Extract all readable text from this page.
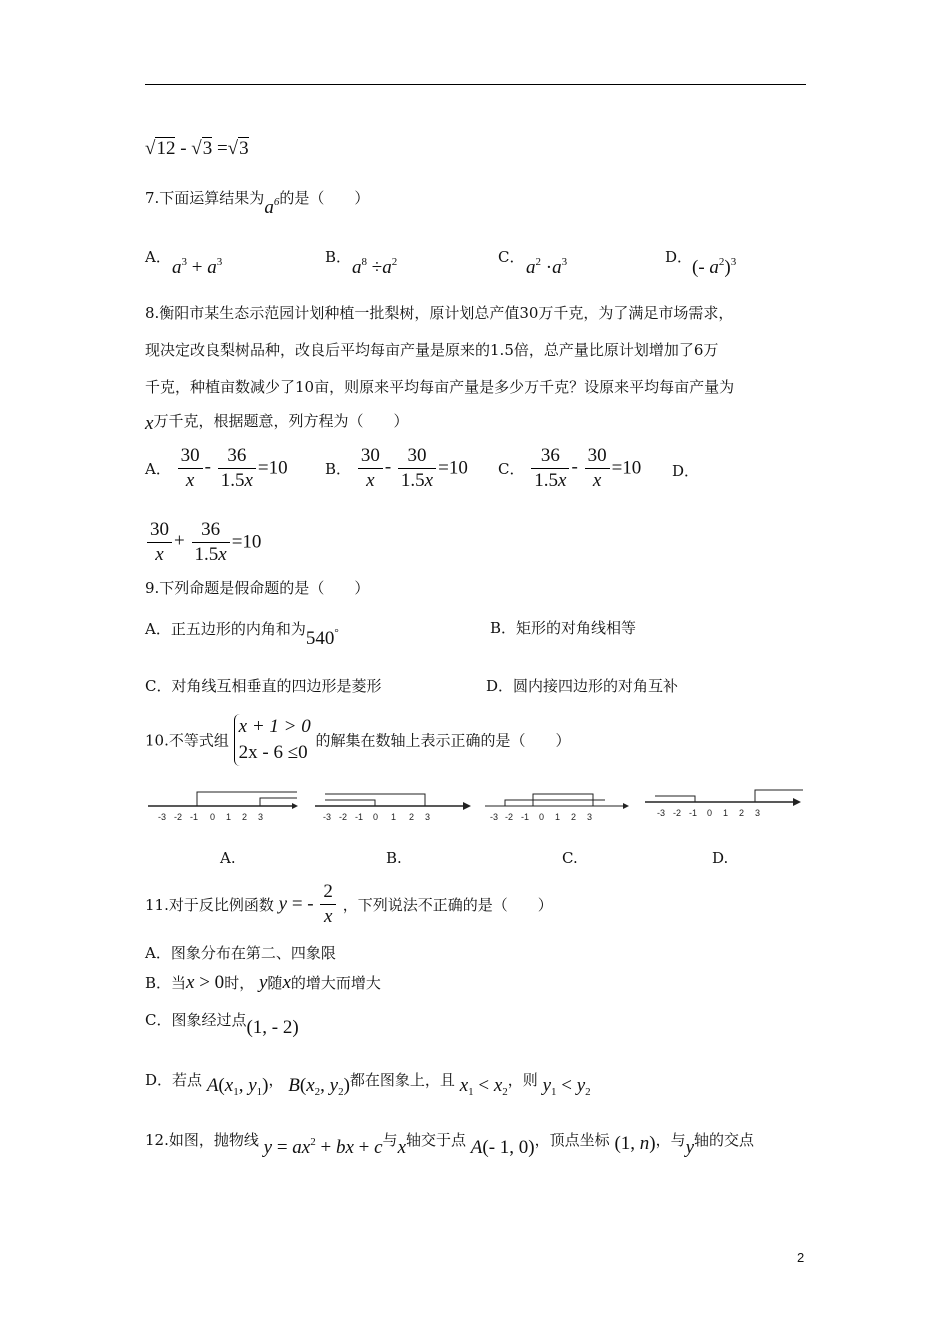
√12 - √3 =√3
7.下面运算结果为$a^6$的是（　　）
A． $a^3 + a^3$	B． $a^8 \div a^2$	C． $a^2 \cdot a^3$	D． (- $a^2)^3$
8.衡阳市某生态示范园计划种植一批梨树，原计划总产值30万千克，为了满足市场需求，
现决定改良梨树品种，改良后平均每亩产量是原来的1.5倍，总产量比原计划增加了6万
千克，种植亩数减少了10亩，则原来平均每亩产量是多少万千克？设原来平均每亩产量为
x万千克，根据题意，列方程为（　　）
A． $\frac{30}{x} - \frac{36}{1.5x} =10$ B． $\frac{30}{x} - \frac{30}{1.5x} =10$ C． $\frac{36}{1.5x} - \frac{30}{x} =10$ D．
$\frac{30}{x} + \frac{36}{1.5x} =10$
9.下列命题是假命题的是（　　）
A．正五边形的内角和为540°	B．矩形的对角线相等
C．对角线互相垂直的四边形是菱形	D．圆内接四边形的对角互补
10.不等式组
x + 1 > 0
2x - 6 ≤0
的解集在数轴上表示正确的是（　　）
-3 -2 -1 0 1 2 3	-3 -2 -1 0 1 2 3	-3 -2 -1 0 1 2 3	-3 -2 -1 0 1 2 3
A.	B.	C.	D.
11.对于反比例函数 y = - $\frac{2}{x}$ ，下列说法不正确的是（　　）
A．图象分布在第二、四象限
B．当x > 0时， y随x的增大而增大
C．图象经过点(1, - 2)
D．若点 $A(x_1$, $y_1$)， $B(x_2$, $y_2$)都在图象上，且 $x_1 < x_2$，则 $y_1 < y_2$
12.如图，抛物线 $y = ax^2$ + bx + c与x轴交于点 A(- 1, 0)，顶点坐标 (1, n)，与y轴的交点
2
